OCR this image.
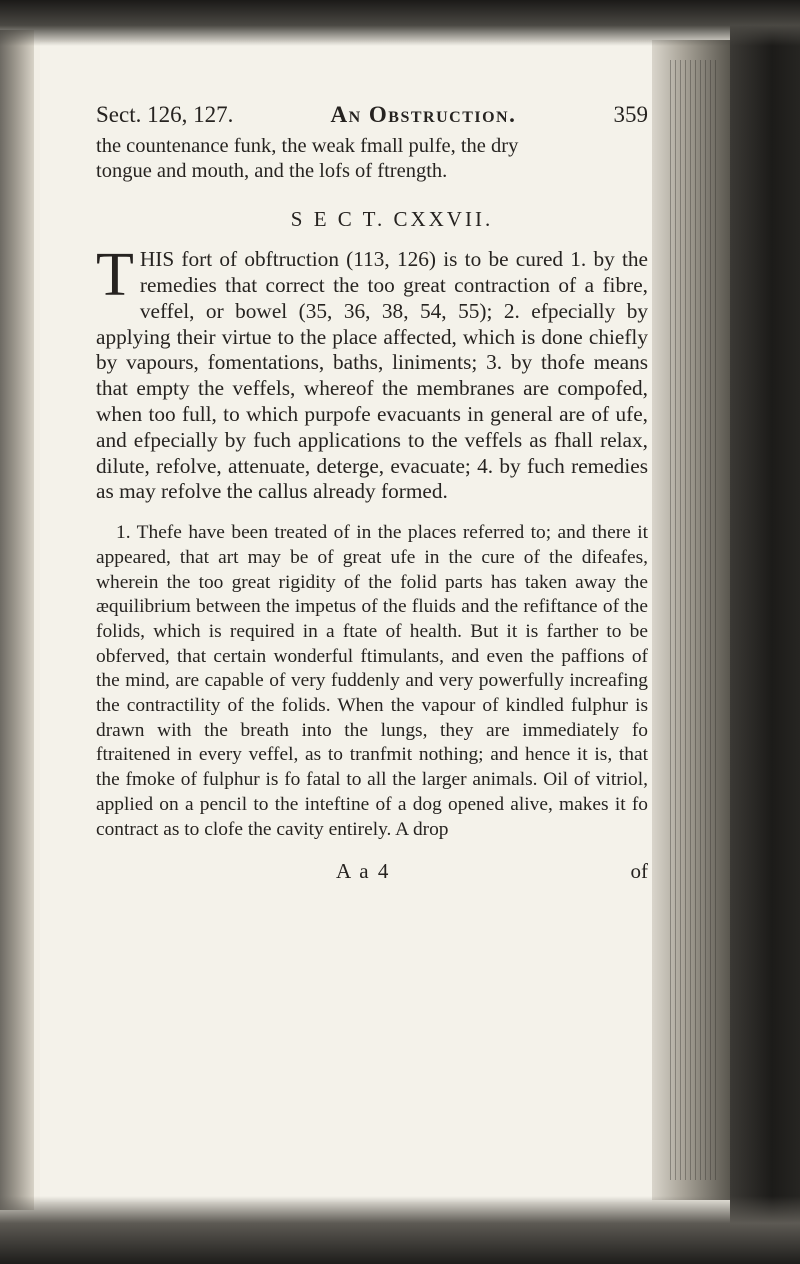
Sect. 126, 127.	An Obstruction.	359

the countenance funk, the weak fmall pulfe, the dry

tongue and mouth, and the lofs of ftrength.

S E C T. CXXVII.
T HIS fort of obftruction (113, 126) is to be cured 1. by the remedies that correct the too great contraction of a fibre, veffel, or bowel (35, 36, 38, 54, 55); 2. efpecially by applying their virtue to the place affected, which is done chiefly by vapours, fomentations, baths, liniments; 3. by thofe means that empty the veffels, whereof the membranes are compofed, when too full, to which purpofe evacuants in general are of ufe, and efpecially by fuch applications to the veffels as fhall relax, dilute, refolve, attenuate, deterge, evacuate; 4. by fuch remedies as may refolve the callus already formed.

1. Thefe have been treated of in the places referred to; and there it appeared, that art may be of great ufe in the cure of the difeafes, wherein the too great rigidity of the folid parts has taken away the æquilibrium between the impetus of the fluids and the refiftance of the folids, which is required in a ftate of health. But it is farther to be obferved, that certain wonderful ftimulants, and even the paffions of the mind, are capable of very fuddenly and very powerfully increafing the contractility of the folids. When the vapour of kindled fulphur is drawn with the breath into the lungs, they are immediately fo ftraitened in every veffel, as to tranfmit nothing; and hence it is, that the fmoke of fulphur is fo fatal to all the larger animals. Oil of vitriol, applied on a pencil to the inteftine of a dog opened alive, makes it fo contract as to clofe the cavity entirely. A drop

A a 4	of
